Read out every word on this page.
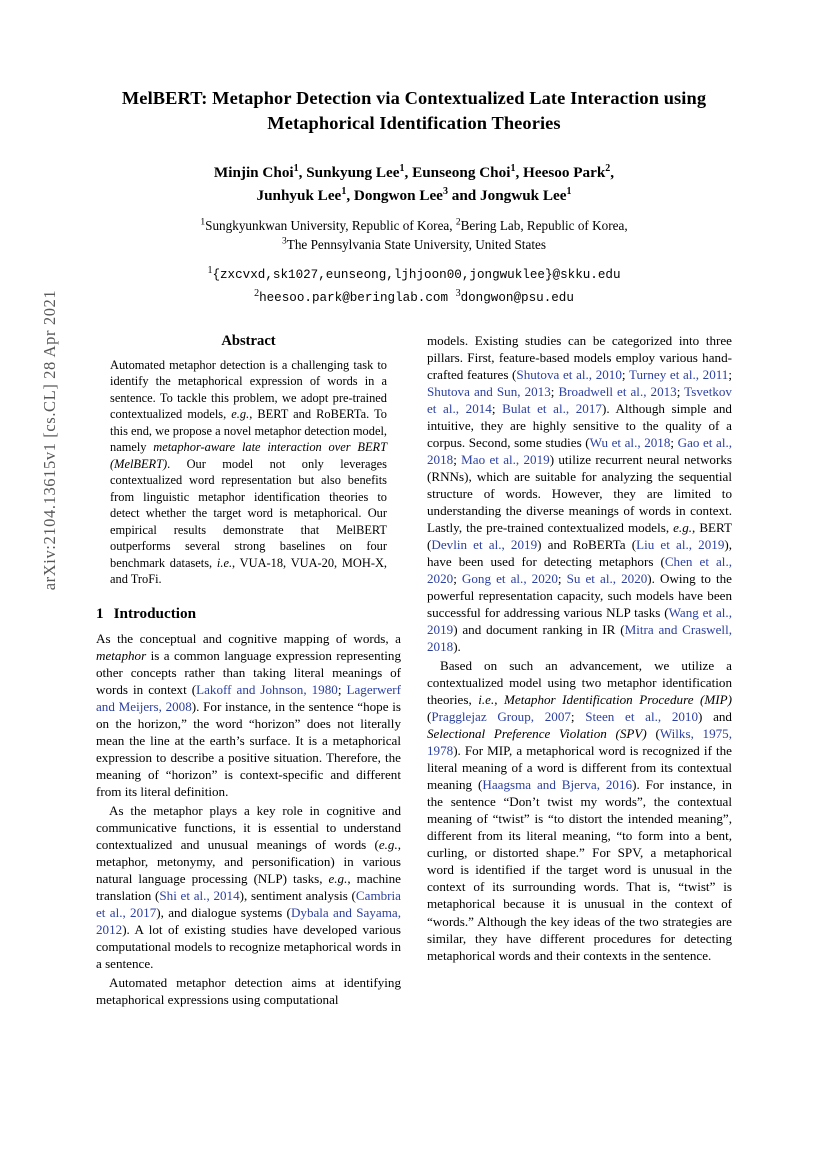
arXiv:2104.13615v1 [cs.CL] 28 Apr 2021
MelBERT: Metaphor Detection via Contextualized Late Interaction using Metaphorical Identification Theories
Minjin Choi$^1$, Sunkyung Lee$^1$, Eunseong Choi$^1$, Heesoo Park$^2$,
Junhyuk Lee$^1$, Dongwon Lee$^3$ and Jongwuk Lee$^1$
$^1$Sungkyunkwan University, Republic of Korea, $^2$Bering Lab, Republic of Korea,
$^3$The Pennsylvania State University, United States
$^1${zxcvxd,sk1027,eunseong,ljhjoon00,jongwuklee}@skku.edu
$^2$heesoo.park@beringlab.com $^3$dongwon@psu.edu
Abstract

Automated metaphor detection is a challenging task to identify the metaphorical expression of words in a sentence. To tackle this problem, we adopt pre-trained contextualized models, e.g., BERT and RoBERTa. To this end, we propose a novel metaphor detection model, namely metaphor-aware late interaction over BERT (MelBERT). Our model not only leverages contextualized word representation but also benefits from linguistic metaphor identification theories to detect whether the target word is metaphorical. Our empirical results demonstrate that MelBERT outperforms several strong baselines on four benchmark datasets, i.e., VUA-18, VUA-20, MOH-X, and TroFi.

1 Introduction

As the conceptual and cognitive mapping of words, a metaphor is a common language expression representing other concepts rather than taking literal meanings of words in context (Lakoff and Johnson, 1980; Lagerwerf and Meijers, 2008). For instance, in the sentence “hope is on the horizon,” the word “horizon” does not literally mean the line at the earth’s surface. It is a metaphorical expression to describe a positive situation. Therefore, the meaning of “horizon” is context-specific and different from its literal definition.

As the metaphor plays a key role in cognitive and communicative functions, it is essential to understand contextualized and unusual meanings of words (e.g., metaphor, metonymy, and personification) in various natural language processing (NLP) tasks, e.g., machine translation (Shi et al., 2014), sentiment analysis (Cambria et al., 2017), and dialogue systems (Dybala and Sayama, 2012). A lot of existing studies have developed various computational models to recognize metaphorical words in a sentence.

Automated metaphor detection aims at identifying metaphorical expressions using computational

models. Existing studies can be categorized into three pillars. First, feature-based models employ various hand-crafted features (Shutova et al., 2010; Turney et al., 2011; Shutova and Sun, 2013; Broadwell et al., 2013; Tsvetkov et al., 2014; Bulat et al., 2017). Although simple and intuitive, they are highly sensitive to the quality of a corpus. Second, some studies (Wu et al., 2018; Gao et al., 2018; Mao et al., 2019) utilize recurrent neural networks (RNNs), which are suitable for analyzing the sequential structure of words. However, they are limited to understanding the diverse meanings of words in context. Lastly, the pre-trained contextualized models, e.g., BERT (Devlin et al., 2019) and RoBERTa (Liu et al., 2019), have been used for detecting metaphors (Chen et al., 2020; Gong et al., 2020; Su et al., 2020). Owing to the powerful representation capacity, such models have been successful for addressing various NLP tasks (Wang et al., 2019) and document ranking in IR (Mitra and Craswell, 2018).

Based on such an advancement, we utilize a contextualized model using two metaphor identification theories, i.e., Metaphor Identification Procedure (MIP) (Pragglejaz Group, 2007; Steen et al., 2010) and Selectional Preference Violation (SPV) (Wilks, 1975, 1978). For MIP, a metaphorical word is recognized if the literal meaning of a word is different from its contextual meaning (Haagsma and Bjerva, 2016). For instance, in the sentence “Don’t twist my words”, the contextual meaning of “twist” is “to distort the intended meaning”, different from its literal meaning, “to form into a bent, curling, or distorted shape.” For SPV, a metaphorical word is identified if the target word is unusual in the context of its surrounding words. That is, “twist” is metaphorical because it is unusual in the context of “words.” Although the key ideas of the two strategies are similar, they have different procedures for detecting metaphorical words and their contexts in the sentence.
